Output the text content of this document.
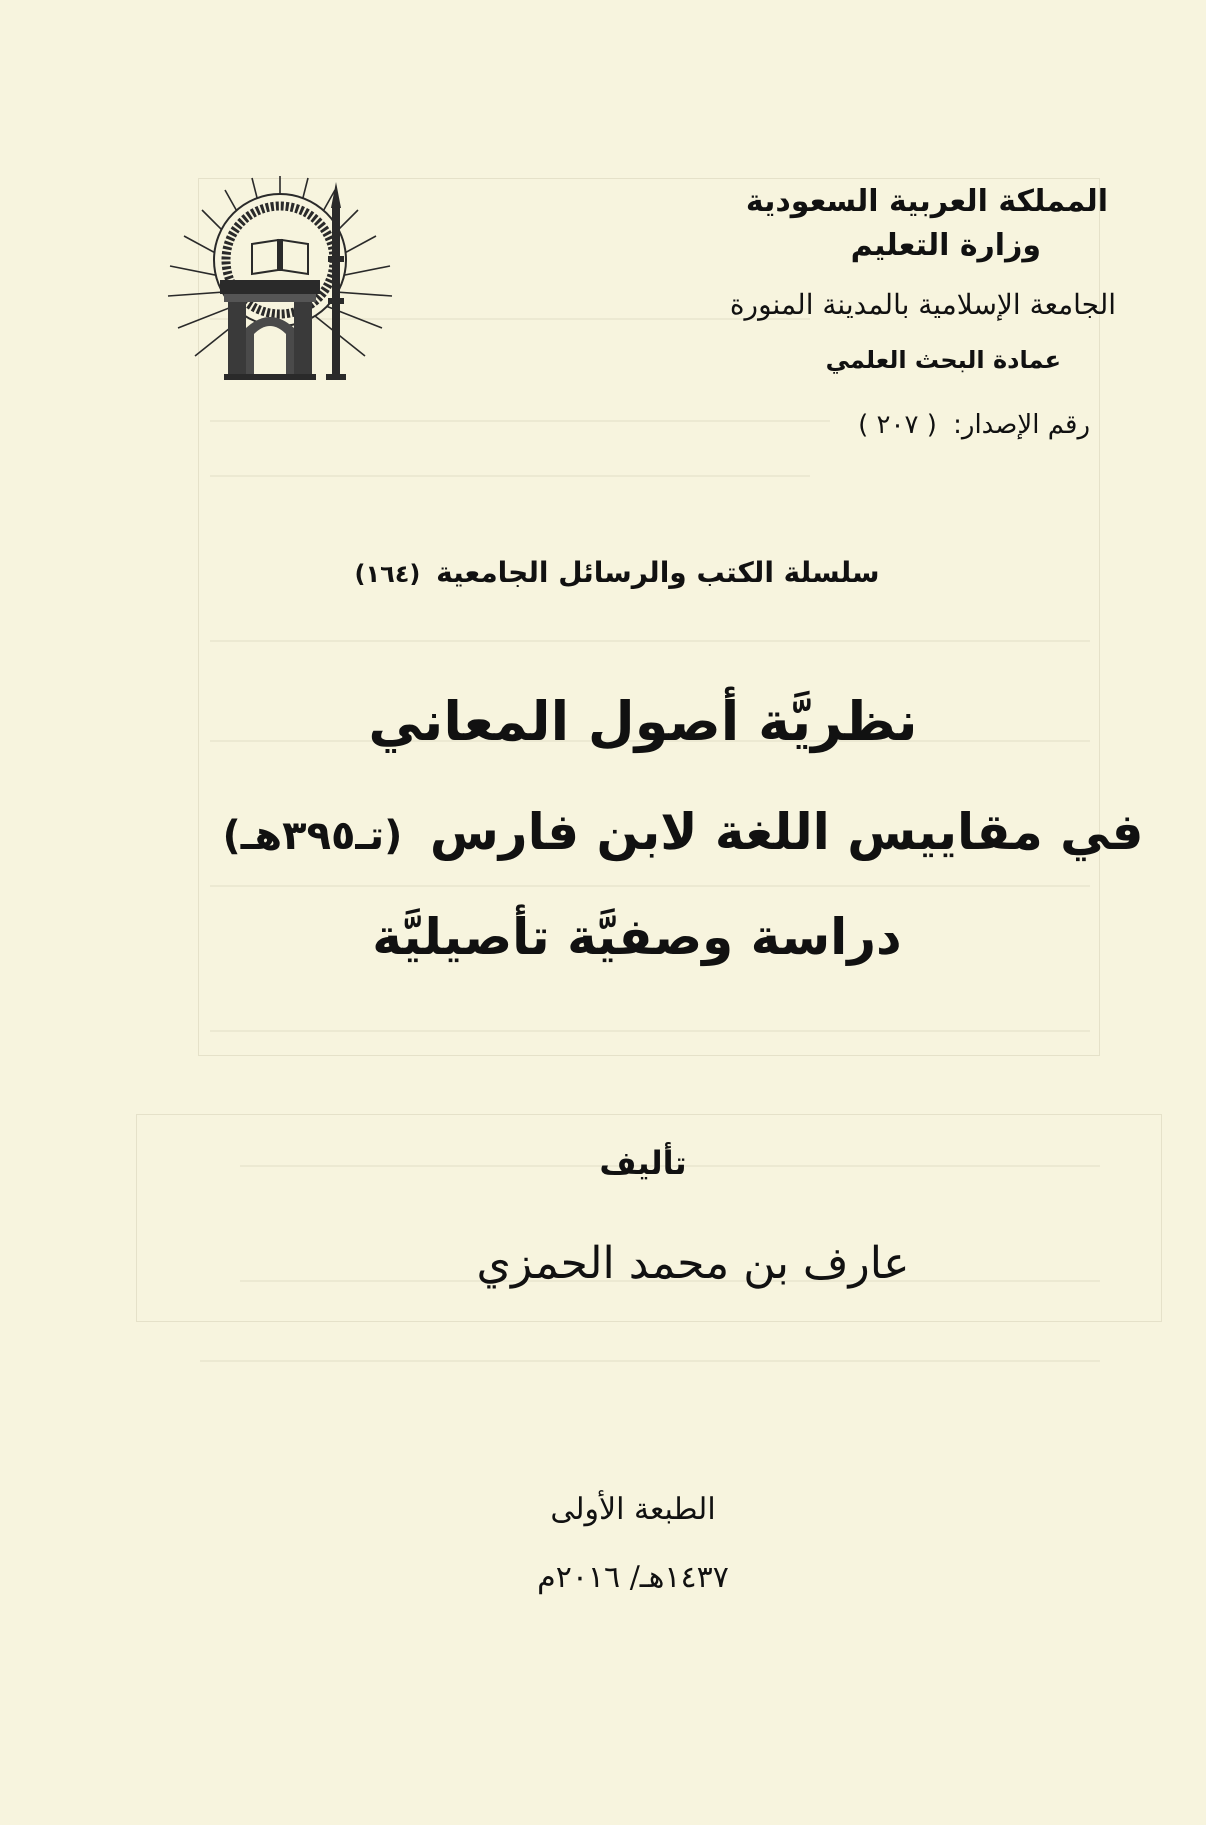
المملكة العربية السعودية
وزارة التعليم
الجامعة الإسلامية بالمدينة المنورة
عمادة البحث العلمي
رقم الإصدار: ( ٢٠٧ )
سلسلة الكتب والرسائل الجامعية (١٦٤)
نظريَّة أصول المعاني
في مقاييس اللغة لابن فارس (تـ٣٩٥هـ)
دراسة وصفيَّة تأصيليَّة
تأليف
عارف بن محمد الحمزي
الطبعة الأولى
١٤٣٧هـ/ ٢٠١٦م
